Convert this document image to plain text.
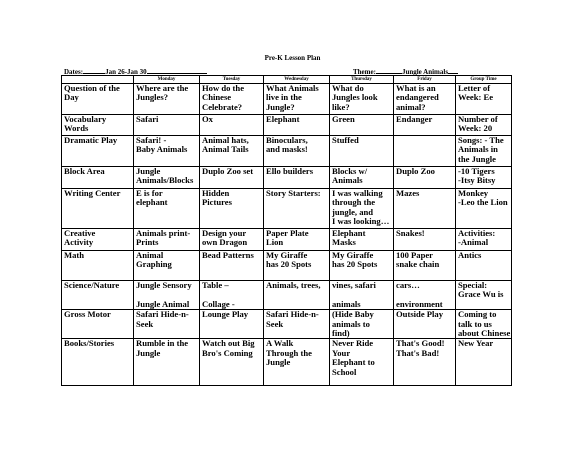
Pre-K Lesson Plan
Dates:	Jan 26-Jan 30	Theme:	Jungle Animals
	Monday	Tuesday	Wednesday	Thursday	Friday	Group Time

Question of the
Day	Where are the
Jungles?	How do the
Chinese
Celebrate?	What Animals
live in the
Jungle?	What do
Jungles look
like?	What is an
endangered
animal?	Letter of
Week: Ee

Vocabulary
Words	Safari	Ox	Elephant	Green	Endanger	Number of
Week: 20

Dramatic Play	Safari! -
Baby Animals	Animal hats,
Animal Tails	Binoculars,
and masks!	Stuffed		Songs: - The
Animals in
the Jungle

Block Area	Jungle
Animals/Blocks	Duplo Zoo set	Ello builders	Blocks w/
Animals	Duplo Zoo	-10 Tigers
-Itsy Bitsy

Writing Center	E is for
elephant	Hidden
Pictures	Story Starters:	I was walking
through the
jungle, and
I was looking…	Mazes	Monkey
-Leo the Lion

Creative
Activity	Animals print-
Prints	Design your
own Dragon	Paper Plate
Lion	Elephant
Masks	Snakes!	Activities:
-Animal

Math	Animal
Graphing	Bead Patterns	My Giraffe
has 20 Spots	My Giraffe
has 20 Spots	100 Paper
snake chain	Antics

Science/Nature	Jungle Sensory

Jungle Animal	Table –

Collage -	Animals, trees,	vines, safari

animals	cars…

environment	Special:
Grace Wu is

Gross Motor	Safari Hide-n-
Seek	Lounge Play	Safari Hide-n-
Seek	(Hide Baby
animals to
find)	Outside Play	Coming to
talk to us
about Chinese

Books/Stories	Rumble in the
Jungle	Watch out Big
Bro's Coming	A Walk
Through the
Jungle	Never Ride
Your
Elephant to
School	That's Good!
That's Bad!	New Year
